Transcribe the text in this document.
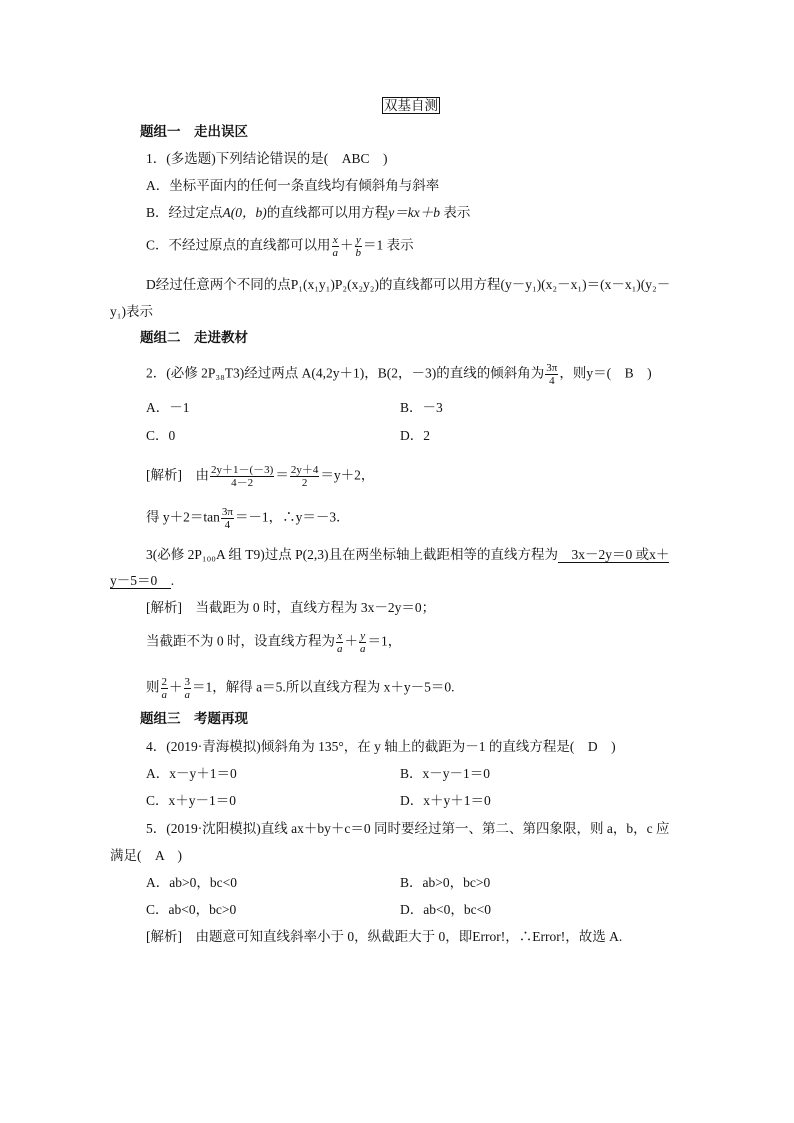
双基自测
题组一　走出误区
1．(多选题)下列结论错误的是(　ABC　)
A．坐标平面内的任何一条直线均有倾斜角与斜率
B．经过定点A(0，b)的直线都可以用方程y＝kx＋b 表示
C．不经过原点的直线都可以用 $\frac{x}{a} + \frac{y}{b} =1$ 表示
D经过任意两个不同的点P₁(x₁y₁)P₂(x₂y₂)的直线都可以用方程(y－y₁)(x₂－x₁)＝(x－x₁)(y₂－
y₁)表示
题组二　走进教材
2．(必修 2P₃₈T3)经过两点 A(4,2y＋1)，B(2，－3)的直线的倾斜角为 $\frac{3\pi}{4}$ ，则y＝(　B　)
A．－1	B．－3
C．0	D．2
[解析]　 由 $\frac{2y+1-(-3)}{4-2} = \frac{2y+4}{2} =y+2$，
得 $y+2=\tan \frac{3\pi}{4} =-1$，∴y＝－3．
3(必修 2P₁₀₀A 组 T9)过点 P(2,3)且在两坐标轴上截距相等的直线方程为　3x－2y＝0 或x＋
y－5＝0　.
[解析]　 当截距为 0 时，直线方程为 3x－2y＝0；
当截距不为 0 时，设直线方程为 $\frac{x}{a} + \frac{y}{a} =1$，
则 $\frac{2}{a} + \frac{3}{a} =1$，解得 a＝5.所以直线方程为 x＋y－5＝0.
题组三　考题再现
4．(2019·青海模拟)倾斜角为 135°，在 y 轴上的截距为－1 的直线方程是(　D　)
A．x－y＋1＝0	B．x－y－1＝0
C．x＋y－1＝0	D．x＋y＋1＝0
5．(2019·沈阳模拟)直线 ax＋by＋c＝0 同时要经过第一、第二、第四象限，则 a，b，c 应
满足(　A　)
A．ab>0，bc<0	B．ab>0，bc>0
C．ab<0，bc>0	D．ab<0，bc<0
[解析]　 由题意可知直线斜率小于 0，纵截距大于 0，即Error!，∴Error!，故选 A.
